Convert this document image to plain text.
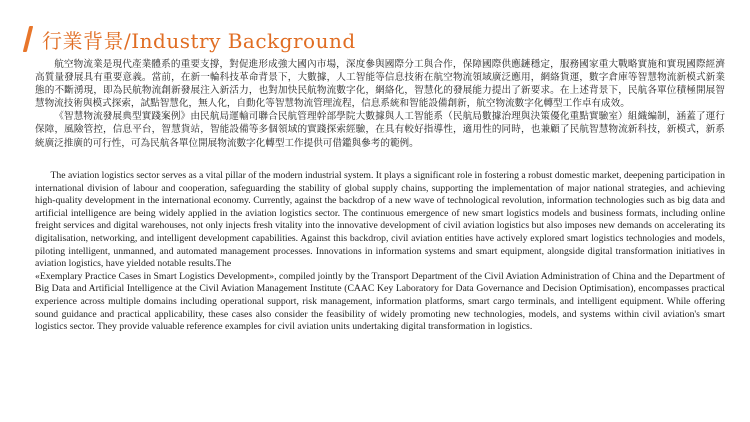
行業背景/Industry Background

航空物流業是現代產業體系的重要支撐，對促進形成強大國內市場，深度參與國際分工與合作，保障國際供應鏈穩定，服務國家重大戰略實施和實現國際經濟高質量發展具有重要意義。當前，在新一輪科技革命背景下，大數據，人工智能等信息技術在航空物流領域廣泛應用，網絡貨運，數字倉庫等智慧物流新模式新業態的不斷湧現，即為民航物流創新發展注入新活力，也對加快民航物流數字化，網絡化，智慧化的發展能力提出了新要求。在上述背景下，民航各單位積極開展智慧物流技術與模式探索，試點智慧化，無人化，自動化等智慧物流管理流程，信息系統和智能設備創新，航空物流數字化轉型工作卓有成效。

《智慧物流發展典型實踐案例》由民航局運輸司聯合民航管理幹部學院大數據與人工智能系（民航局數據治理與決策優化重點實驗室）組織編制，涵蓋了運行保障，風險管控，信息平台，智慧貨站，智能設備等多個領域的實踐探索經驗，在具有較好指導性，適用性的同時，也兼顧了民航智慧物流新科技，新模式，新系統廣泛推廣的可行性，可為民航各單位開展物流數字化轉型工作提供可借鑑與參考的範例。

The aviation logistics sector serves as a vital pillar of the modern industrial system. It plays a significant role in fostering a robust domestic market, deepening participation in international division of labour and cooperation, safeguarding the stability of global supply chains, supporting the implementation of major national strategies, and achieving high-quality development in the international economy. Currently, against the backdrop of a new wave of technological revolution, information technologies such as big data and artificial intelligence are being widely applied in the aviation logistics sector. The continuous emergence of new smart logistics models and business formats, including online freight services and digital warehouses, not only injects fresh vitality into the innovative development of civil aviation logistics but also imposes new demands on accelerating its digitalisation, networking, and intelligent development capabilities. Against this backdrop, civil aviation entities have actively explored smart logistics technologies and models, piloting intelligent, unmanned, and automated management processes. Innovations in information systems and smart equipment, alongside digital transformation initiatives in aviation logistics, have yielded notable results.The

«Exemplary Practice Cases in Smart Logistics Development», compiled jointly by the Transport Department of the Civil Aviation Administration of China and the Department of Big Data and Artificial Intelligence at the Civil Aviation Management Institute (CAAC Key Laboratory for Data Governance and Decision Optimisation), encompasses practical experience across multiple domains including operational support, risk management, information platforms, smart cargo terminals, and intelligent equipment. While offering sound guidance and practical applicability, these cases also consider the feasibility of widely promoting new technologies, models, and systems within civil aviation's smart logistics sector. They provide valuable reference examples for civil aviation units undertaking digital transformation in logistics.
